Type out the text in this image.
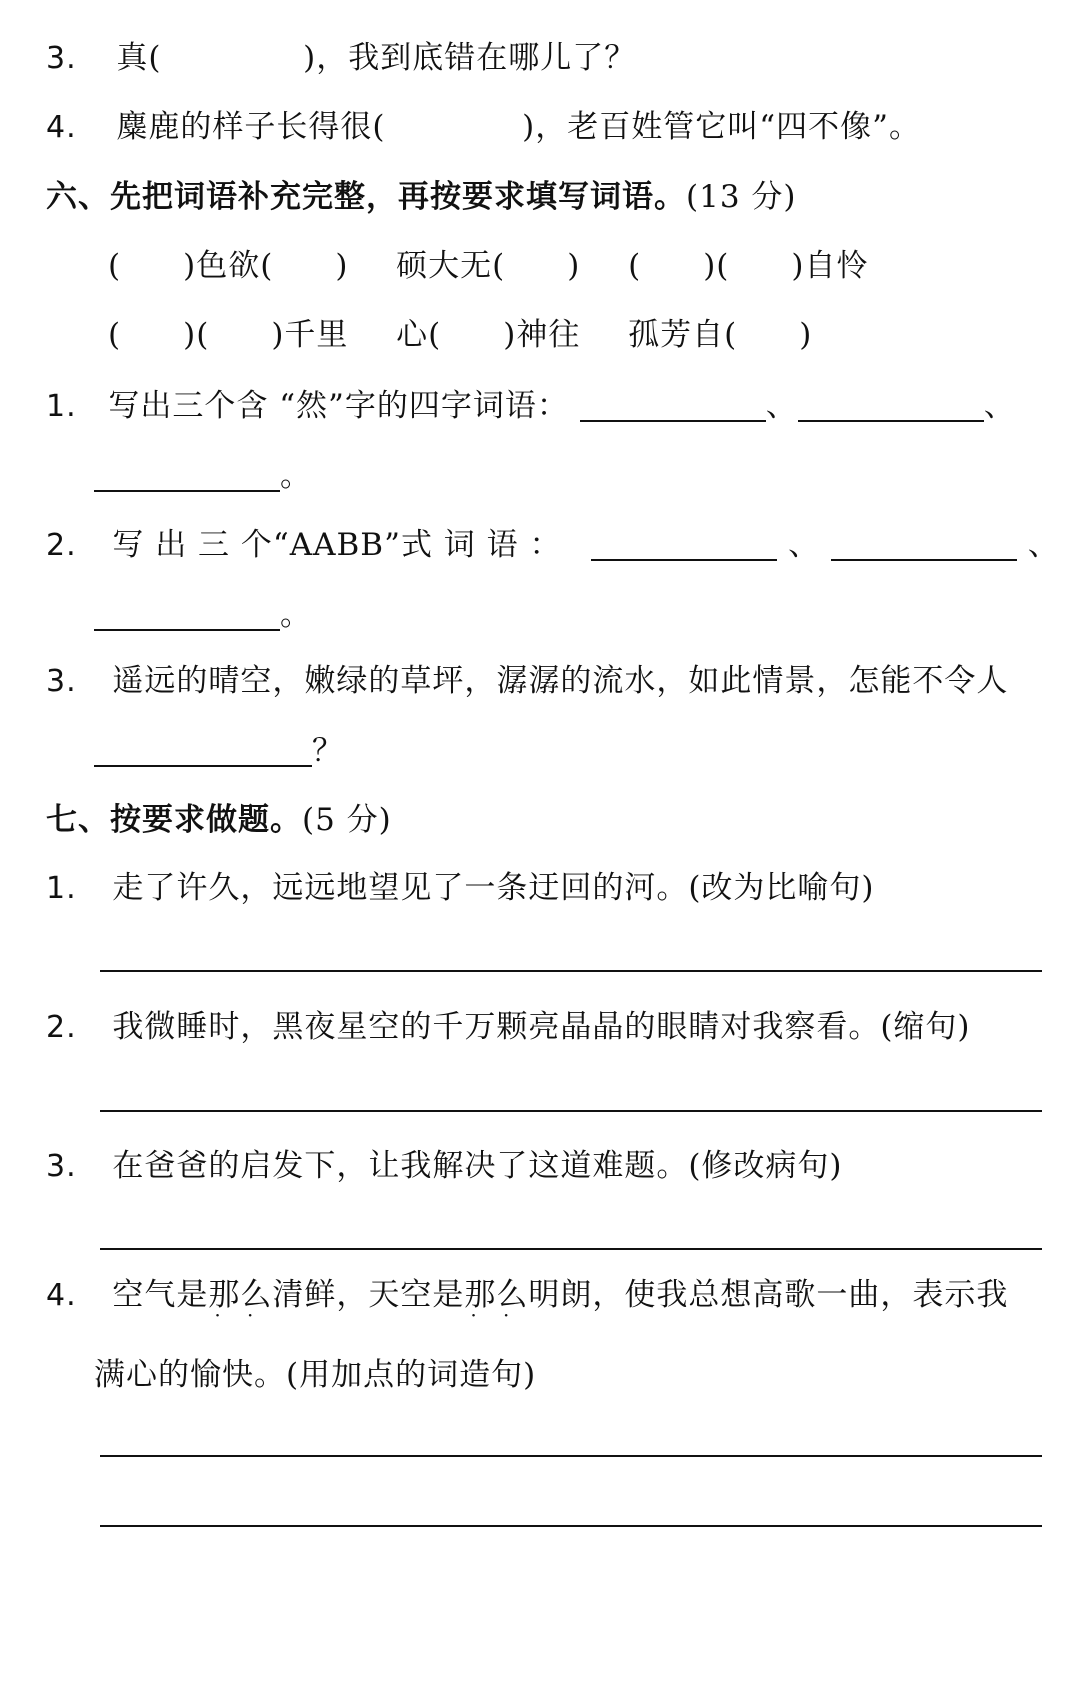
3. 真(	)，我到底错在哪儿了？
4. 麋鹿的样子长得很(	)，老百姓管它叫“四不像”。
六、先把词语补充完整，再按要求填写词语。(13 分)
( )色欲( ) 硕大无( ) ( )( )自怜
( )( )千里 心( )神往 孤芳自( )
1. 写出三个含 “然”字的四字词语：	、	、
。
2. 写 出 三 个“AABB”式 词 语 ：	、	、
。
3. 遥远的晴空，嫩绿的草坪，潺潺的流水，如此情景，怎能不令人
？
七、按要求做题。(5 分)
1. 走了许久，远远地望见了一条迂回的河。(改为比喻句)
2. 我微睡时，黑夜星空的千万颗亮晶晶的眼睛对我察看。(缩句)
3. 在爸爸的启发下，让我解决了这道难题。(修改病句)
4. 空气是那么 · ·清鲜，天空是那么 · ·明朗，使我总想高歌一曲，表示我
满心的愉快。(用加点的词造句)
